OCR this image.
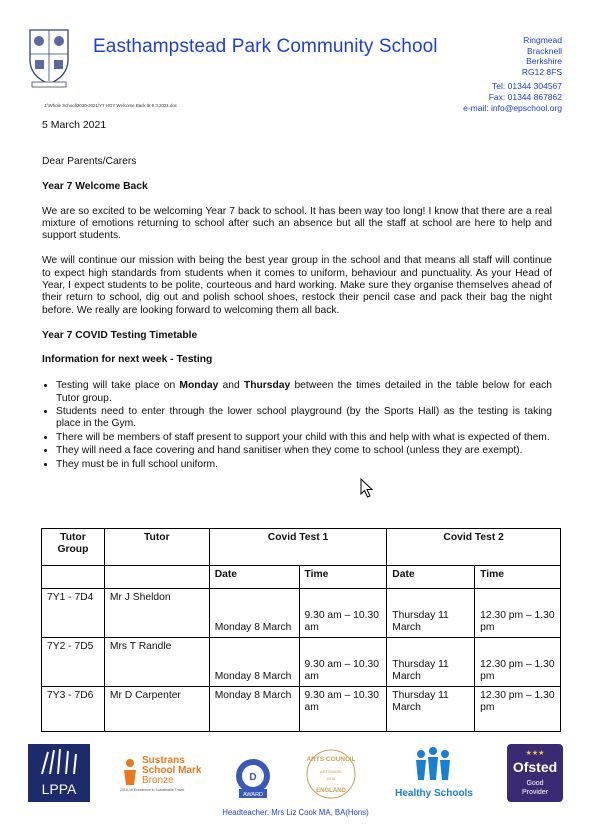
Easthampstead Park Community School	Ringmead
Bracknell
Berkshire
RG12 8FS
Tel: 01344 304567
Fax: 01344 867862
e-mail: info@epschool.org
J:\Whole School\2020-2021\Y7 HOY Welcome Back ltr 5.3.2021.doc
5 March 2021

Dear Parents/Carers

Year 7 Welcome Back

We are so excited to be welcoming Year 7 back to school. It has been way too long! I know that there are a real mixture of emotions returning to school after such an absence but all the staff at school are here to help and support students.

We will continue our mission with being the best year group in the school and that means all staff will continue to expect high standards from students when it comes to uniform, behaviour and punctuality. As your Head of Year, I expect students to be polite, courteous and hard working. Make sure they organise themselves ahead of their return to school, dig out and polish school shoes, restock their pencil case and pack their bag the night before. We really are looking forward to welcoming them all back.

Year 7 COVID Testing Timetable
Information for next week - Testing
• Testing will take place on Monday and Thursday between the times detailed in the table below for each Tutor group.
• Students need to enter through the lower school playground (by the Sports Hall) as the testing is taking place in the Gym.
• There will be members of staff present to support your child with this and help with what is expected of them.
• They will need a face covering and hand sanitiser when they come to school (unless they are exempt).
• They must be in full school uniform.
Tutor Group	Tutor	Covid Test 1		Covid Test 2	
		Date	Time	Date	Time
7Y1 - 7D4	Mr J Sheldon	Monday 8 March	9.30 am – 10.30 am	Thursday 11 March	12.30 pm – 1.30 pm
7Y2 - 7D5	Mrs T Randle	Monday 8 March	9.30 am – 10.30 am	Thursday 11 March	12.30 pm – 1.30 pm
7Y3 - 7D6	Mr D Carpenter	Monday 8 March	9.30 am – 10.30 am	Thursday 11 March	12.30 pm – 1.30 pm
LPPA
Sustrans
School Mark
Bronze
2016-18 Excellence in Sustainable Travel
D
AWARD
ARTS COUNCIL
ARTSMARK
2018
ENGLAND	Healthy Schools
★★★
Ofsted
Good
Provider
Headteacher: Mrs Liz Cook MA, BA(Hons)
